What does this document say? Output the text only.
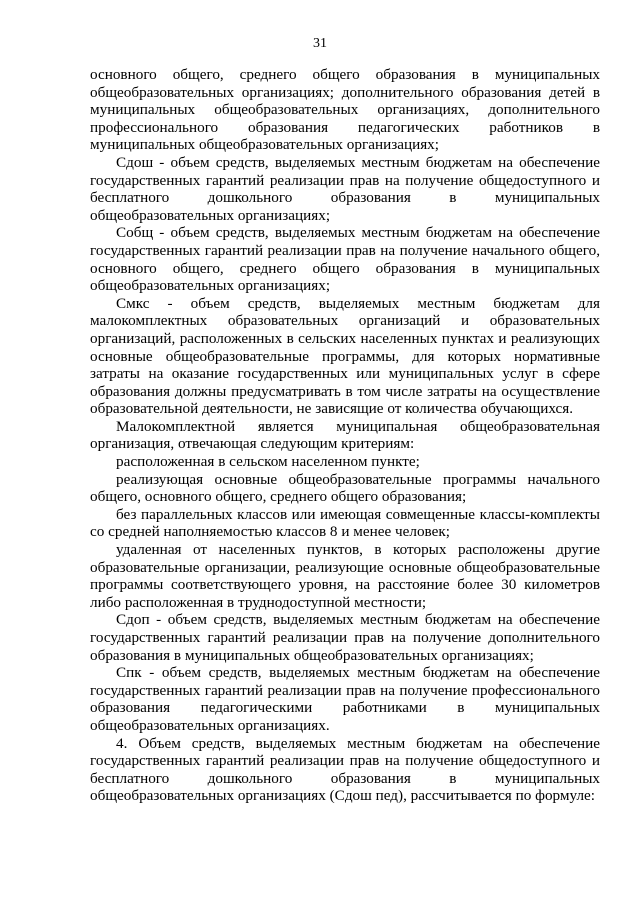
31

основного общего, среднего общего образования в муниципальных общеобразовательных организациях; дополнительного образования детей в муниципальных общеобразовательных организациях, дополнительного профессионального образования педагогических работников в муниципальных общеобразовательных организациях;

Сдош - объем средств, выделяемых местным бюджетам на обеспечение государственных гарантий реализации прав на получение общедоступного и бесплатного дошкольного образования в муниципальных общеобразовательных организациях;

Собщ - объем средств, выделяемых местным бюджетам на обеспечение государственных гарантий реализации прав на получение начального общего, основного общего, среднего общего образования в муниципальных общеобразовательных организациях;

Смкс - объем средств, выделяемых местным бюджетам для малокомплектных образовательных организаций и образовательных организаций, расположенных в сельских населенных пунктах и реализующих основные общеобразовательные программы, для которых нормативные затраты на оказание государственных или муниципальных услуг в сфере образования должны предусматривать в том числе затраты на осуществление образовательной деятельности, не зависящие от количества обучающихся.

Малокомплектной является муниципальная общеобразовательная организация, отвечающая следующим критериям:

расположенная в сельском населенном пункте;

реализующая основные общеобразовательные программы начального общего, основного общего, среднего общего образования;

без параллельных классов или имеющая совмещенные классы-комплекты со средней наполняемостью классов 8 и менее человек;

удаленная от населенных пунктов, в которых расположены другие образовательные организации, реализующие основные общеобразовательные программы соответствующего уровня, на расстояние более 30 километров либо расположенная в труднодоступной местности;

Сдоп - объем средств, выделяемых местным бюджетам на обеспечение государственных гарантий реализации прав на получение дополнительного образования в муниципальных общеобразовательных организациях;

Спк - объем средств, выделяемых местным бюджетам на обеспечение государственных гарантий реализации прав на получение профессионального образования педагогическими работниками в муниципальных общеобразовательных организациях.

4. Объем средств, выделяемых местным бюджетам на обеспечение государственных гарантий реализации прав на получение общедоступного и бесплатного дошкольного образования в муниципальных общеобразовательных организациях (Сдош пед), рассчитывается по формуле:
